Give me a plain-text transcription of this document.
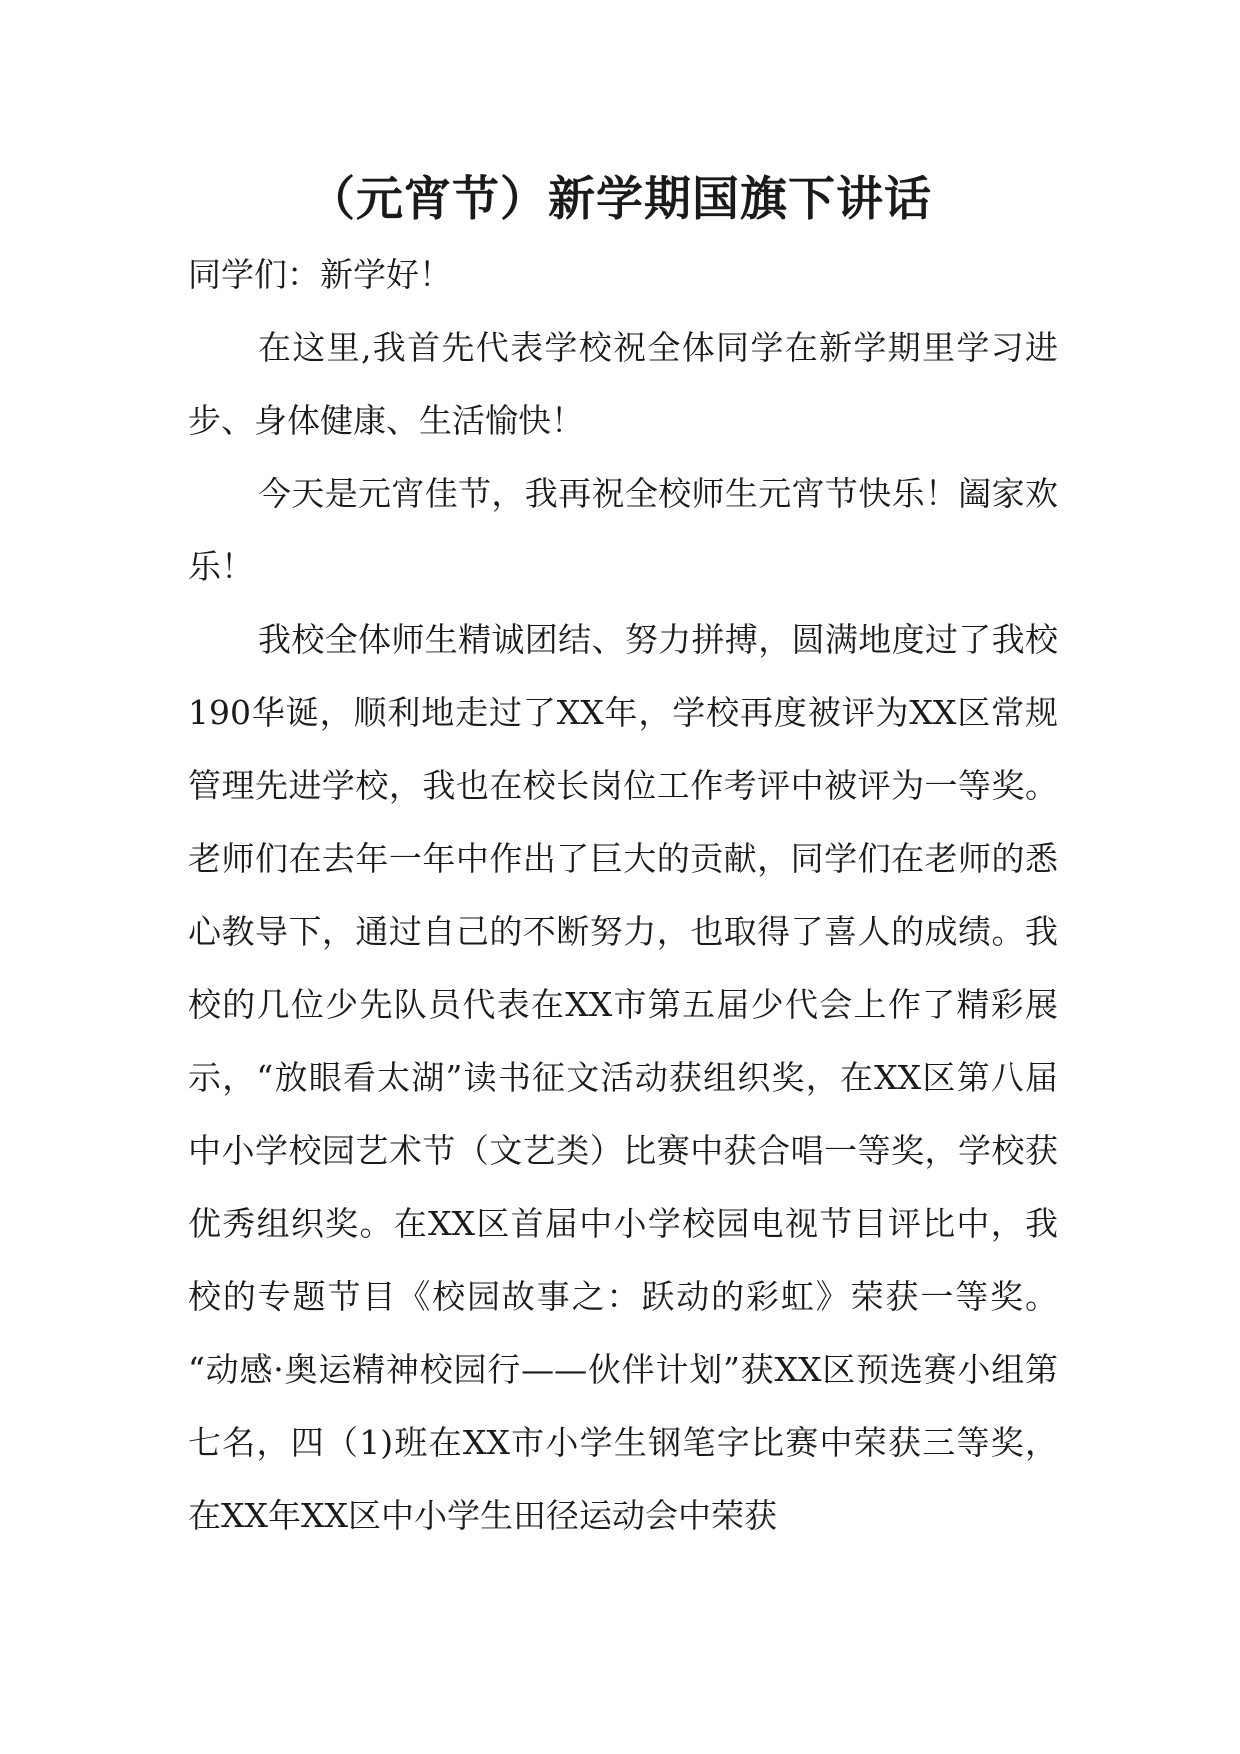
（元宵节）新学期国旗下讲话

同学们：新学好！

在这里,我首先代表学校祝全体同学在新学期里学习进步、身体健康、生活愉快！

今天是元宵佳节，我再祝全校师生元宵节快乐！阖家欢乐！

我校全体师生精诚团结、努力拼搏，圆满地度过了我校190华诞，顺利地走过了XX年，学校再度被评为XX区常规管理先进学校，我也在校长岗位工作考评中被评为一等奖。老师们在去年一年中作出了巨大的贡献，同学们在老师的悉心教导下，通过自己的不断努力，也取得了喜人的成绩。我校的几位少先队员代表在XX市第五届少代会上作了精彩展示，“放眼看太湖”读书征文活动获组织奖，在XX区第八届中小学校园艺术节（文艺类）比赛中获合唱一等奖，学校获优秀组织奖。在XX区首届中小学校园电视节目评比中，我校的专题节目《校园故事之：跃动的彩虹》荣获一等奖。 “动感·奥运精神校园行——伙伴计划”获XX区预选赛小组第七名，四（1)班在XX市小学生钢笔字比赛中荣获三等奖，在XX年XX区中小学生田径运动会中荣获
